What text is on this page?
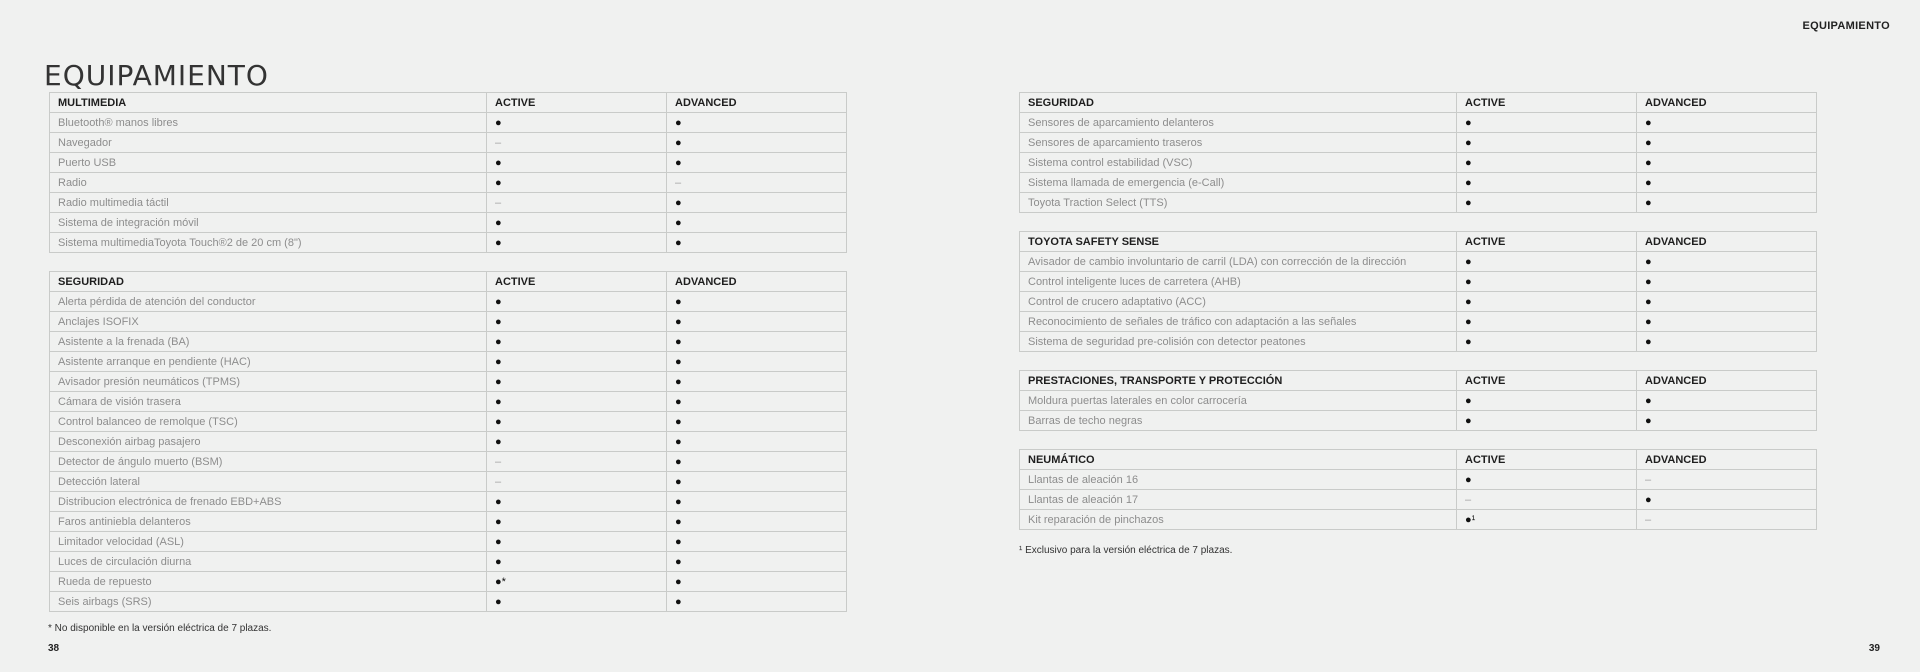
EQUIPAMIENTO
EQUIPAMIENTO
MULTIMEDIA	ACTIVE	ADVANCED
Bluetooth® manos libres	●	●
Navegador	–	●
Puerto USB	●	●
Radio	●	–
Radio multimedia táctil	–	●
Sistema de integración móvil	●	●
Sistema multimediaToyota Touch®2 de 20 cm (8")	●	●
SEGURIDAD	ACTIVE	ADVANCED
Alerta pérdida de atención del conductor	●	●
Anclajes ISOFIX	●	●
Asistente a la frenada (BA)	●	●
Asistente arranque en pendiente (HAC)	●	●
Avisador presión neumáticos (TPMS)	●	●
Cámara de visión trasera	●	●
Control balanceo de remolque (TSC)	●	●
Desconexión airbag pasajero	●	●
Detector de ángulo muerto (BSM)	–	●
Detección lateral	–	●
Distribucion electrónica de frenado EBD+ABS	●	●
Faros antiniebla delanteros	●	●
Limitador velocidad (ASL)	●	●
Luces de circulación diurna	●	●
Rueda de repuesto	●*	●
Seis airbags (SRS)	●	●
SEGURIDAD	ACTIVE	ADVANCED
Sensores de aparcamiento delanteros	●	●
Sensores de aparcamiento traseros	●	●
Sistema control estabilidad (VSC)	●	●
Sistema llamada de emergencia (e-Call)	●	●
Toyota Traction Select (TTS)	●	●
TOYOTA SAFETY SENSE	ACTIVE	ADVANCED
Avisador de cambio involuntario de carril (LDA) con corrección de la dirección	●	●
Control inteligente luces de carretera (AHB)	●	●
Control de crucero adaptativo (ACC)	●	●
Reconocimiento de señales de tráfico con adaptación a las señales	●	●
Sistema de seguridad pre-colisión con detector peatones	●	●
PRESTACIONES, TRANSPORTE Y PROTECCIÓN	ACTIVE	ADVANCED
Moldura puertas laterales en color carrocería	●	●
Barras de techo negras	●	●
NEUMÁTICO	ACTIVE	ADVANCED
Llantas de aleación 16	●	–
Llantas de aleación 17	–	●
Kit reparación de pinchazos	●¹	–
* No disponible en la versión eléctrica de 7 plazas.
¹ Exclusivo para la versión eléctrica de 7 plazas.
38	39
